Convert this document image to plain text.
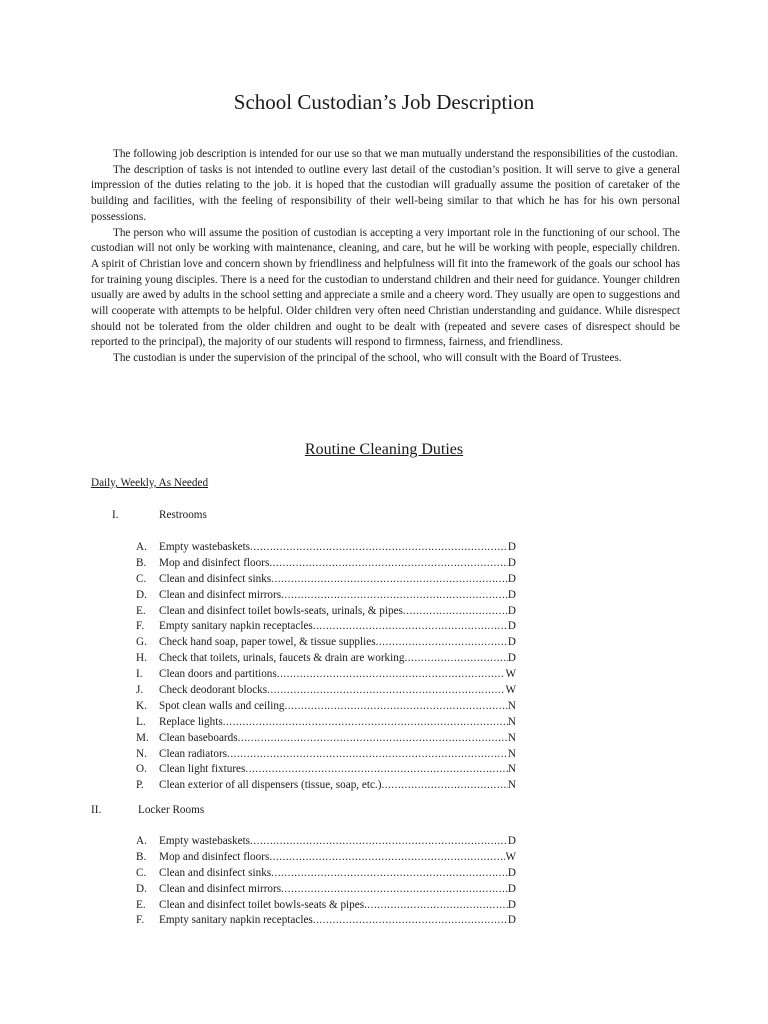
School Custodian’s Job Description

The following job description is intended for our use so that we man mutually understand the responsibilities of the custodian.

The description of tasks is not intended to outline every last detail of the custodian’s position. It will serve to give a general impression of the duties relating to the job. it is hoped that the custodian will gradually assume the position of caretaker of the building and facilities, with the feeling of responsibility of their well-being similar to that which he has for his own personal possessions.

The person who will assume the position of custodian is accepting a very important role in the functioning of our school. The custodian will not only be working with maintenance, cleaning, and care, but he will be working with people, especially children. A spirit of Christian love and concern shown by friendliness and helpfulness will fit into the framework of the goals our school has for training young disciples. There is a need for the custodian to understand children and their need for guidance. Younger children usually are awed by adults in the school setting and appreciate a smile and a cheery word. They usually are open to suggestions and will cooperate with attempts to be helpful. Older children very often need Christian understanding and guidance. While disrespect should not be tolerated from the older children and ought to be dealt with (repeated and severe cases of disrespect should be reported to the principal), the majority of our students will respond to firmness, fairness, and friendliness.

The custodian is under the supervision of the principal of the school, who will consult with the Board of Trustees.

Routine Cleaning Duties
Daily, Weekly, As Needed
I.	Restrooms
A.	Empty wastebaskets .....	D
B.	Mop and disinfect floors .....	D
C.	Clean and disinfect sinks .....	D
D.	Clean and disinfect mirrors .....	D
E.	Clean and disinfect toilet bowls-seats, urinals, & pipes .....	D
F.	Empty sanitary napkin receptacles .....	D
G.	Check hand soap, paper towel, & tissue supplies .....	D
H.	Check that toilets, urinals, faucets & drain are working .....	D
I.	Clean doors and partitions .....	W
J.	Check deodorant blocks .....	W
K.	Spot clean walls and ceiling .....	N
L.	Replace lights .....	N
M. Clean baseboards .....	N
N.	Clean radiators .....	N
O.	Clean light fixtures .....	N
P.	Clean exterior of all dispensers (tissue, soap, etc.) .....	N
II.	Locker Rooms
A.	Empty wastebaskets .....	D
B.	Mop and disinfect floors .....	W
C.	Clean and disinfect sinks .....	D
D.	Clean and disinfect mirrors .....	D
E.	Clean and disinfect toilet bowls-seats & pipes .....	D
F.	Empty sanitary napkin receptacles .....	D
